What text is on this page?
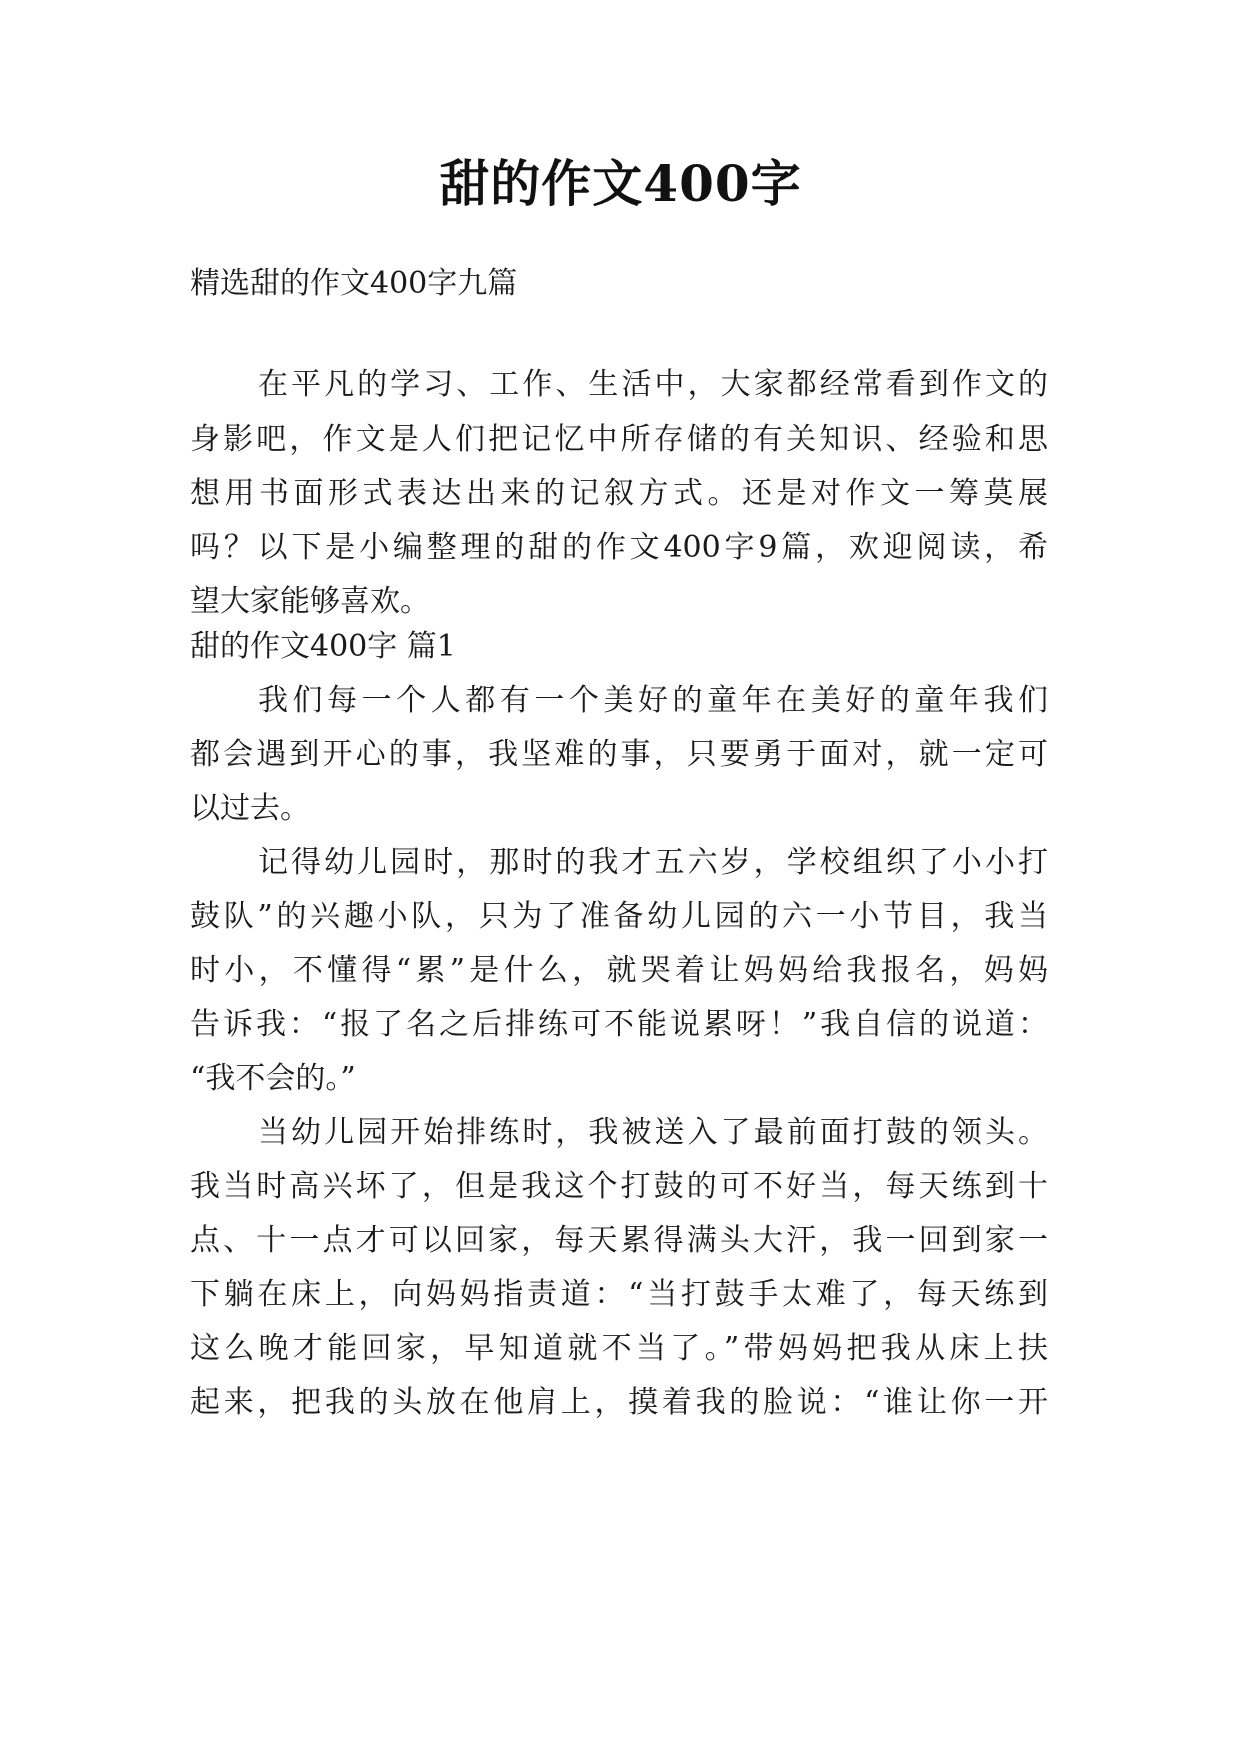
甜的作文400字

精选甜的作文400字九篇

在平凡的学习、工作、生活中，大家都经常看到作文的

身影吧，作文是人们把记忆中所存储的有关知识、经验和思

想用书面形式表达出来的记叙方式。还是对作文一筹莫展

吗？以下是小编整理的甜的作文400字9篇，欢迎阅读，希

望大家能够喜欢。

甜的作文400字 篇1

我们每一个人都有一个美好的童年在美好的童年我们

都会遇到开心的事，我坚难的事，只要勇于面对，就一定可

以过去。

记得幼儿园时，那时的我才五六岁，学校组织了小小打

鼓队”的兴趣小队，只为了准备幼儿园的六一小节目，我当

时小，不懂得“累”是什么，就哭着让妈妈给我报名，妈妈

告诉我：“报了名之后排练可不能说累呀！”我自信的说道：

“我不会的。”

当幼儿园开始排练时，我被送入了最前面打鼓的领头。

我当时高兴坏了，但是我这个打鼓的可不好当，每天练到十

点、十一点才可以回家，每天累得满头大汗，我一回到家一

下躺在床上，向妈妈指责道：“当打鼓手太难了，每天练到

这么晚才能回家，早知道就不当了。”带妈妈把我从床上扶

起来，把我的头放在他肩上，摸着我的脸说：“谁让你一开
